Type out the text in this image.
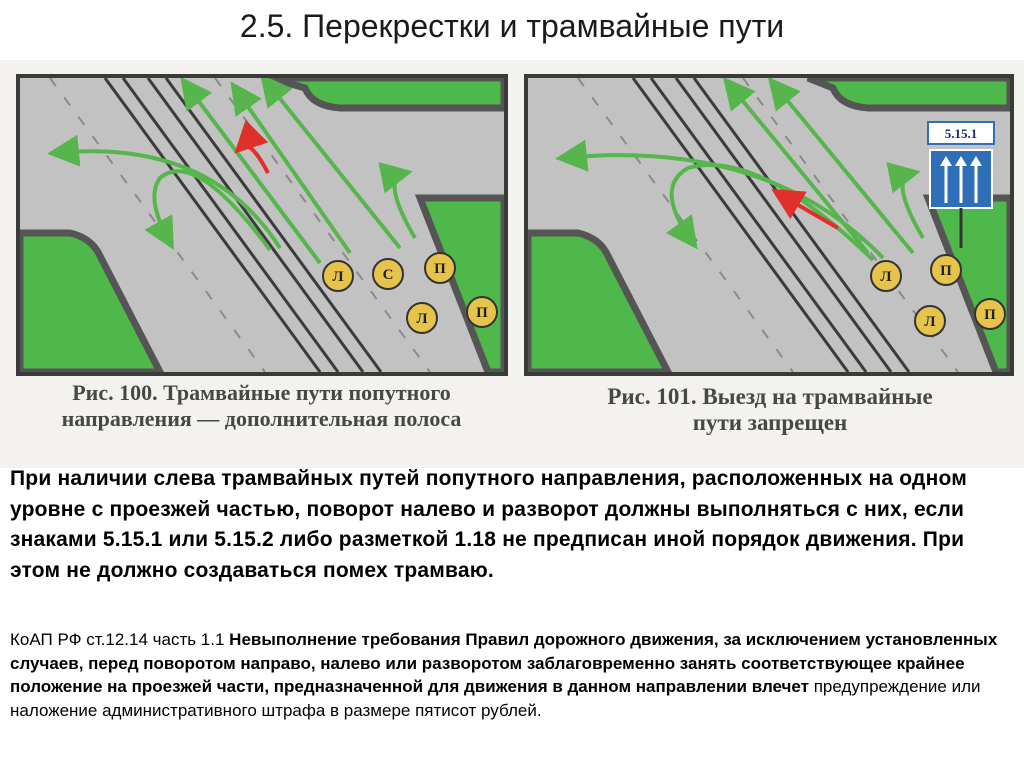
2.5. Перекрестки и трамвайные пути
Л	С	П
Л	П
5.15.1
Л	П
Л	П
Рис. 100. Трамвайные пути попутного
направления — дополнительная полоса
Рис. 101. Выезд на трамвайные
пути запрещен
При наличии слева трамвайных путей попутного направления, расположенных на одном уровне с проезжей частью, поворот налево и разворот должны выполняться с них, если знаками 5.15.1 или 5.15.2 либо разметкой 1.18 не предписан иной порядок движения. При этом не должно создаваться помех трамваю.
КоАП РФ ст.12.14 часть 1.1 Невыполнение требования Правил дорожного движения, за исключением установленных случаев, перед поворотом направо, налево или разворотом заблаговременно занять соответствующее крайнее положение на проезжей части, предназначенной для движения в данном направлении влечет предупреждение или наложение административного штрафа в размере пятисот рублей.
